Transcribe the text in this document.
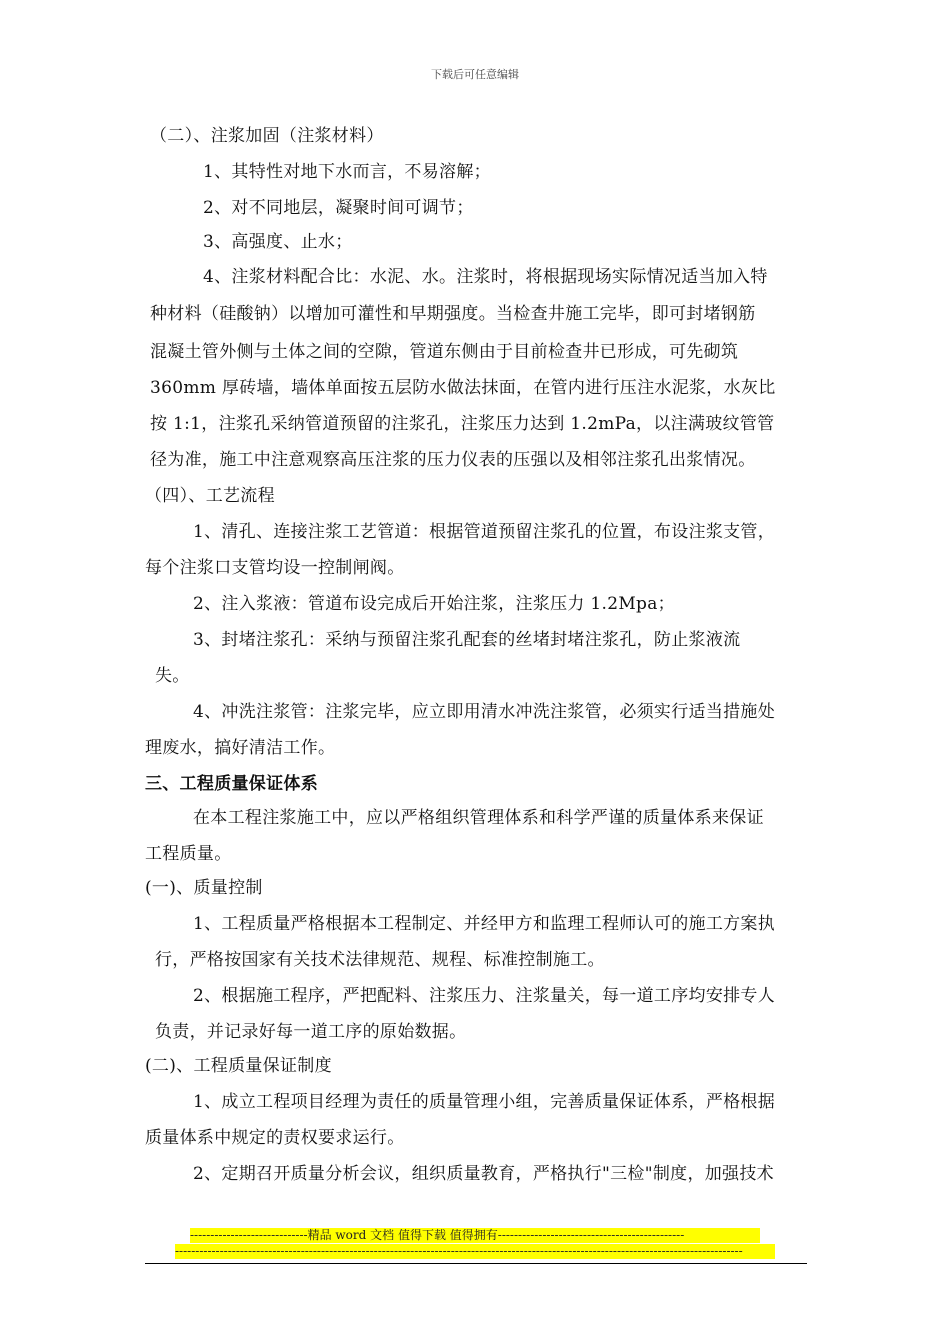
下载后可任意编辑
（二）、注浆加固（注浆材料）
1、其特性对地下水而言，不易溶解；
2、对不同地层，凝聚时间可调节；
3、高强度、止水；
4、注浆材料配合比：水泥、水。注浆时，将根据现场实际情况适当加入特
种材料（硅酸钠）以增加可灌性和早期强度。当检查井施工完毕，即可封堵钢筋
混凝土管外侧与土体之间的空隙，管道东侧由于目前检查井已形成，可先砌筑
360mm 厚砖墙，墙体单面按五层防水做法抹面，在管内进行压注水泥浆，水灰比
按 1:1，注浆孔采纳管道预留的注浆孔，注浆压力达到 1.2mPa，以注满玻纹管管
径为准，施工中注意观察高压注浆的压力仪表的压强以及相邻注浆孔出浆情况。
（四）、工艺流程
1、清孔、连接注浆工艺管道：根据管道预留注浆孔的位置，布设注浆支管，
每个注浆口支管均设一控制闸阀。
2、注入浆液：管道布设完成后开始注浆，注浆压力 1.2Mpa；
3、封堵注浆孔：采纳与预留注浆孔配套的丝堵封堵注浆孔，防止浆液流
失。
4、冲洗注浆管：注浆完毕，应立即用清水冲洗注浆管，必须实行适当措施处
理废水，搞好清洁工作。
三、工程质量保证体系
在本工程注浆施工中，应以严格组织管理体系和科学严谨的质量体系来保证
工程质量。
(一)、质量控制
1、工程质量严格根据本工程制定、并经甲方和监理工程师认可的施工方案执
行，严格按国家有关技术法律规范、规程、标准控制施工。
2、根据施工程序，严把配料、注浆压力、注浆量关，每一道工序均安排专人
负责，并记录好每一道工序的原始数据。
(二)、工程质量保证制度
1、成立工程项目经理为责任的质量管理小组，完善质量保证体系，严格根据
质量体系中规定的责权要求运行。
2、定期召开质量分析会议，组织质量教育，严格执行"三检"制度，加强技术
-----------------------------精品 word 文档 值得下载 值得拥有----------------------------------------------
--------------------------------------------------------------------------------------------------------------------------------------------
